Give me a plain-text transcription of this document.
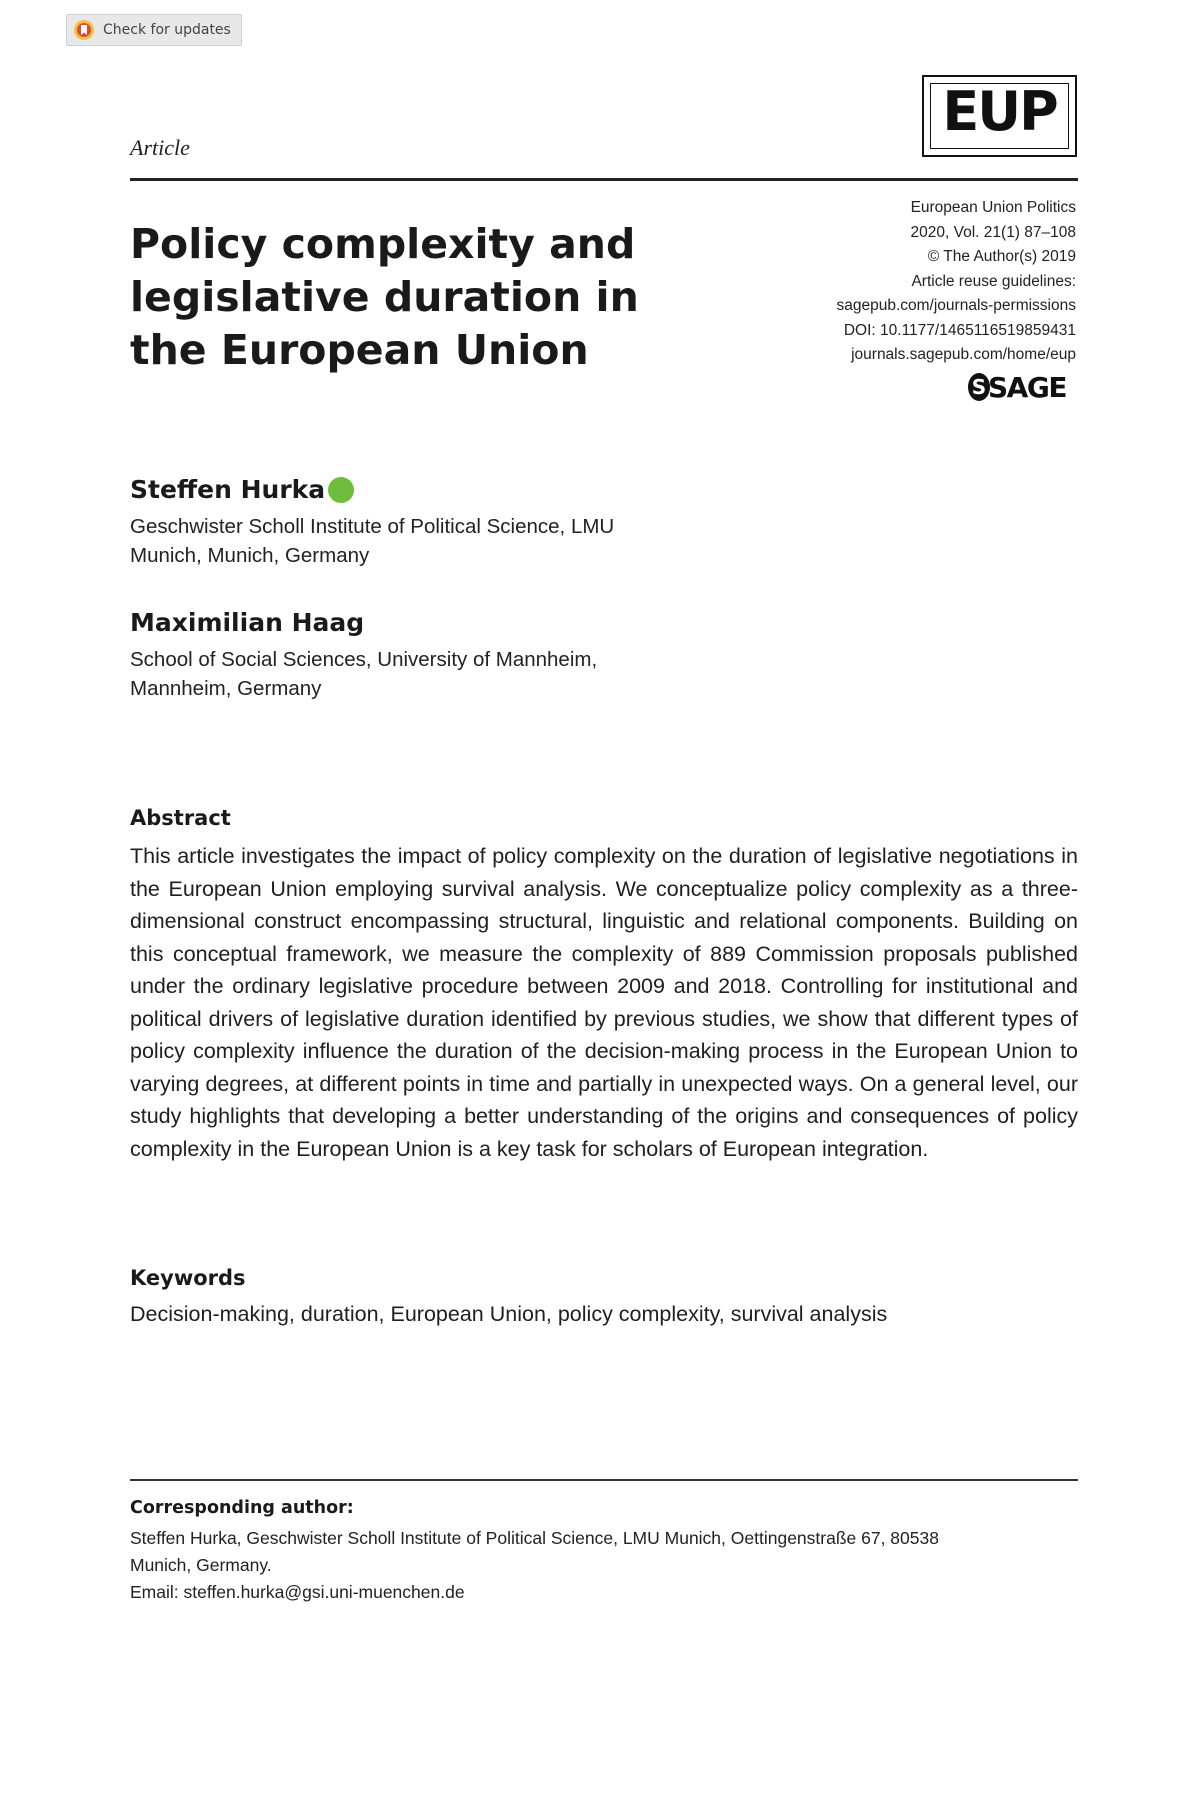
Check for updates
Article
EUP
Policy complexity and
legislative duration in
the European Union
European Union Politics
2020, Vol. 21(1) 87–108
© The Author(s) 2019
Article reuse guidelines:
sagepub.com/journals-permissions
DOI: 10.1177/1465116519859431
journals.sagepub.com/home/eup
S SAGE
Steffen Hurka
Geschwister Scholl Institute of Political Science, LMU
Munich, Munich, Germany
Maximilian Haag
School of Social Sciences, University of Mannheim,
Mannheim, Germany
Abstract

This article investigates the impact of policy complexity on the duration of legislative negotiations in the European Union employing survival analysis. We conceptualize policy complexity as a three-dimensional construct encompassing structural, linguistic and relational components. Building on this conceptual framework, we measure the complexity of 889 Commission proposals published under the ordinary legislative procedure between 2009 and 2018. Controlling for institutional and political drivers of legislative duration identified by previous studies, we show that different types of policy complexity influence the duration of the decision-making process in the European Union to varying degrees, at different points in time and partially in unexpected ways. On a general level, our study highlights that developing a better understanding of the origins and consequences of policy complexity in the European Union is a key task for scholars of European integration.

Keywords
Decision-making, duration, European Union, policy complexity, survival analysis
Corresponding author:
Steffen Hurka, Geschwister Scholl Institute of Political Science, LMU Munich, Oettingenstraße 67, 80538
Munich, Germany.
Email: steffen.hurka@gsi.uni-muenchen.de
